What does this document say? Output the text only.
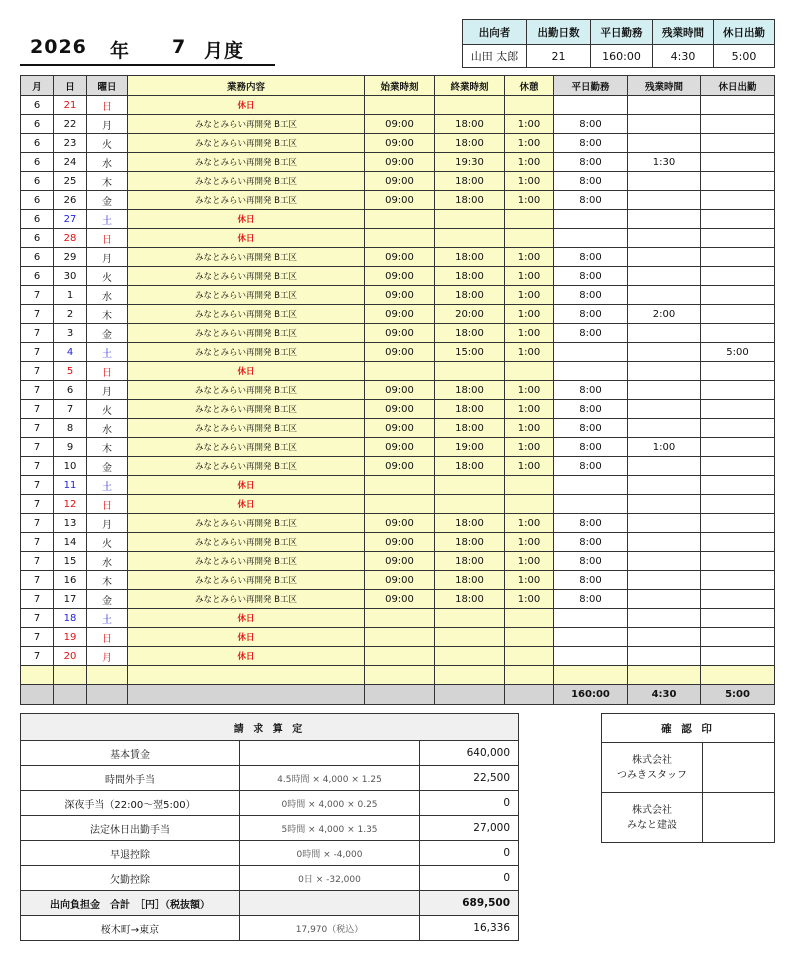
2026 年 7 月度
出向者	出勤日数	平日勤務	残業時間	休日出勤
山田 太郎	21	160:00	4:30	5:00
月	日	曜日	業務内容	始業時刻	終業時刻	休憩	平日勤務	残業時間	休日出勤
6	21	日	休日						
6	22	月	みなとみらい再開発 B工区	09:00	18:00	1:00	8:00		
6	23	火	みなとみらい再開発 B工区	09:00	18:00	1:00	8:00		
6	24	水	みなとみらい再開発 B工区	09:00	19:30	1:00	8:00	1:30	
6	25	木	みなとみらい再開発 B工区	09:00	18:00	1:00	8:00		
6	26	金	みなとみらい再開発 B工区	09:00	18:00	1:00	8:00		
6	27	土	休日						
6	28	日	休日						
6	29	月	みなとみらい再開発 B工区	09:00	18:00	1:00	8:00		
6	30	火	みなとみらい再開発 B工区	09:00	18:00	1:00	8:00		
7	1	水	みなとみらい再開発 B工区	09:00	18:00	1:00	8:00		
7	2	木	みなとみらい再開発 B工区	09:00	20:00	1:00	8:00	2:00	
7	3	金	みなとみらい再開発 B工区	09:00	18:00	1:00	8:00		
7	4	土	みなとみらい再開発 B工区	09:00	15:00	1:00			5:00
7	5	日	休日						
7	6	月	みなとみらい再開発 B工区	09:00	18:00	1:00	8:00		
7	7	火	みなとみらい再開発 B工区	09:00	18:00	1:00	8:00		
7	8	水	みなとみらい再開発 B工区	09:00	18:00	1:00	8:00		
7	9	木	みなとみらい再開発 B工区	09:00	19:00	1:00	8:00	1:00	
7	10	金	みなとみらい再開発 B工区	09:00	18:00	1:00	8:00		
7	11	土	休日						
7	12	日	休日						
7	13	月	みなとみらい再開発 B工区	09:00	18:00	1:00	8:00		
7	14	火	みなとみらい再開発 B工区	09:00	18:00	1:00	8:00		
7	15	水	みなとみらい再開発 B工区	09:00	18:00	1:00	8:00		
7	16	木	みなとみらい再開発 B工区	09:00	18:00	1:00	8:00		
7	17	金	みなとみらい再開発 B工区	09:00	18:00	1:00	8:00		
7	18	土	休日						
7	19	日	休日						
7	20	月	休日						

							160:00	4:30	5:00
請 求 算 定		
基本賃金		640,000
時間外手当	4.5時間 × 4,000 × 1.25	22,500
深夜手当（22:00〜翌5:00）	0時間 × 4,000 × 0.25	0
法定休日出勤手当	5時間 × 4,000 × 1.35	27,000
早退控除	0時間 × -4,000	0
欠勤控除	0日 × -32,000	0
出向負担金　合計　［円］（税抜額）		689,500
桜木町→東京	17,970（税込）	16,336
確 認 印	
株式会社
つみきスタッフ	
株式会社
みなと建設	
